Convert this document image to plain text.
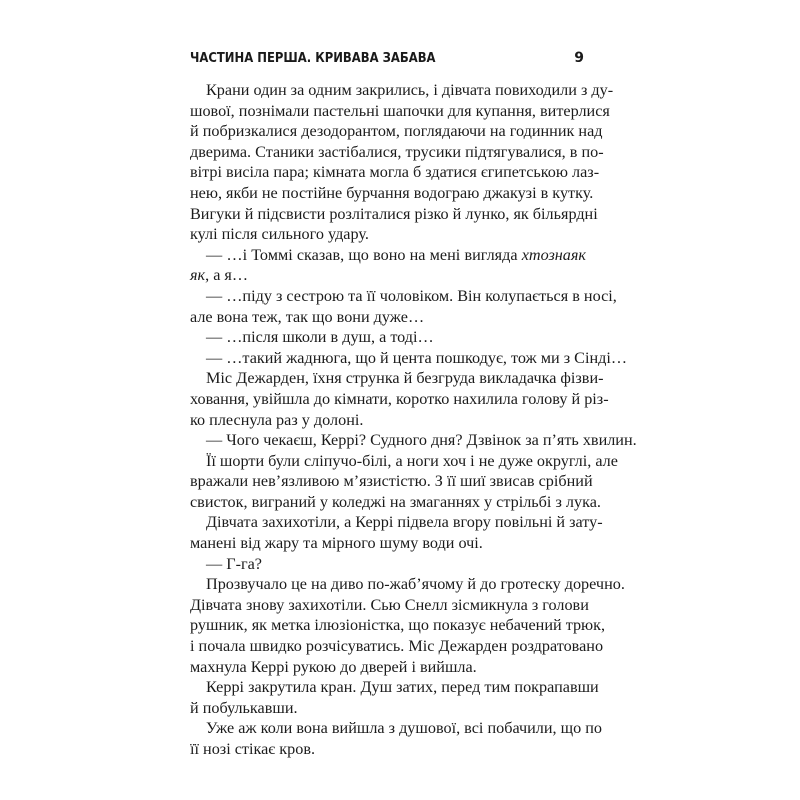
ЧАСТИНА ПЕРША. КРИВАВА ЗАБАВА	9
Крани один за одним закрились, і дівчата повиходили з ду-
шової, познімали пастельні шапочки для купання, витерлися
й побризкалися дезодорантом, поглядаючи на годинник над
дверима. Станики застібалися, трусики підтягувалися, в по-
вітрі висіла пара; кімната могла б здатися єгипетською лаз-
нею, якби не постійне бурчання водограю джакузі в кутку.
Вигуки й підсвисти розліталися різко й лунко, як більярдні
кулі після сильного удару.
— …і Томмі сказав, що воно на мені вигляда хтознаяк
як, а я…
— …піду з сестрою та її чоловіком. Він колупається в носі,
але вона теж, так що вони дуже…
— …після школи в душ, а тоді…
— …такий жаднюга, що й цента пошкодує, тож ми з Сінді…
Міс Дежарден, їхня струнка й безгруда викладачка фізви-
ховання, увійшла до кімнати, коротко нахилила голову й різ-
ко плеснула раз у долоні.
— Чого чекаєш, Керрі? Судного дня? Дзвінок за п’ять хвилин.
Її шорти були сліпучо-білі, а ноги хоч і не дуже округлі, але
вражали невʼязливою мʼязистістю. З її шиї звисав срібний
свисток, виграний у коледжі на змаганнях у стрільбі з лука.
Дівчата захихотіли, а Керрі підвела вгору повільні й зату-
манені від жару та мірного шуму води очі.
— Г-га?
Прозвучало це на диво по-жаб’ячому й до гротеску доречно.
Дівчата знову захихотіли. Сью Снелл зісмикнула з голови
рушник, як метка ілюзіоністка, що показує небачений трюк,
і почала швидко розчісуватись. Міс Дежарден роздратовано
махнула Керрі рукою до дверей і вийшла.
Керрі закрутила кран. Душ затих, перед тим покрапавши
й побулькавши.
Уже аж коли вона вийшла з душової, всі побачили, що по
її нозі стікає кров.
